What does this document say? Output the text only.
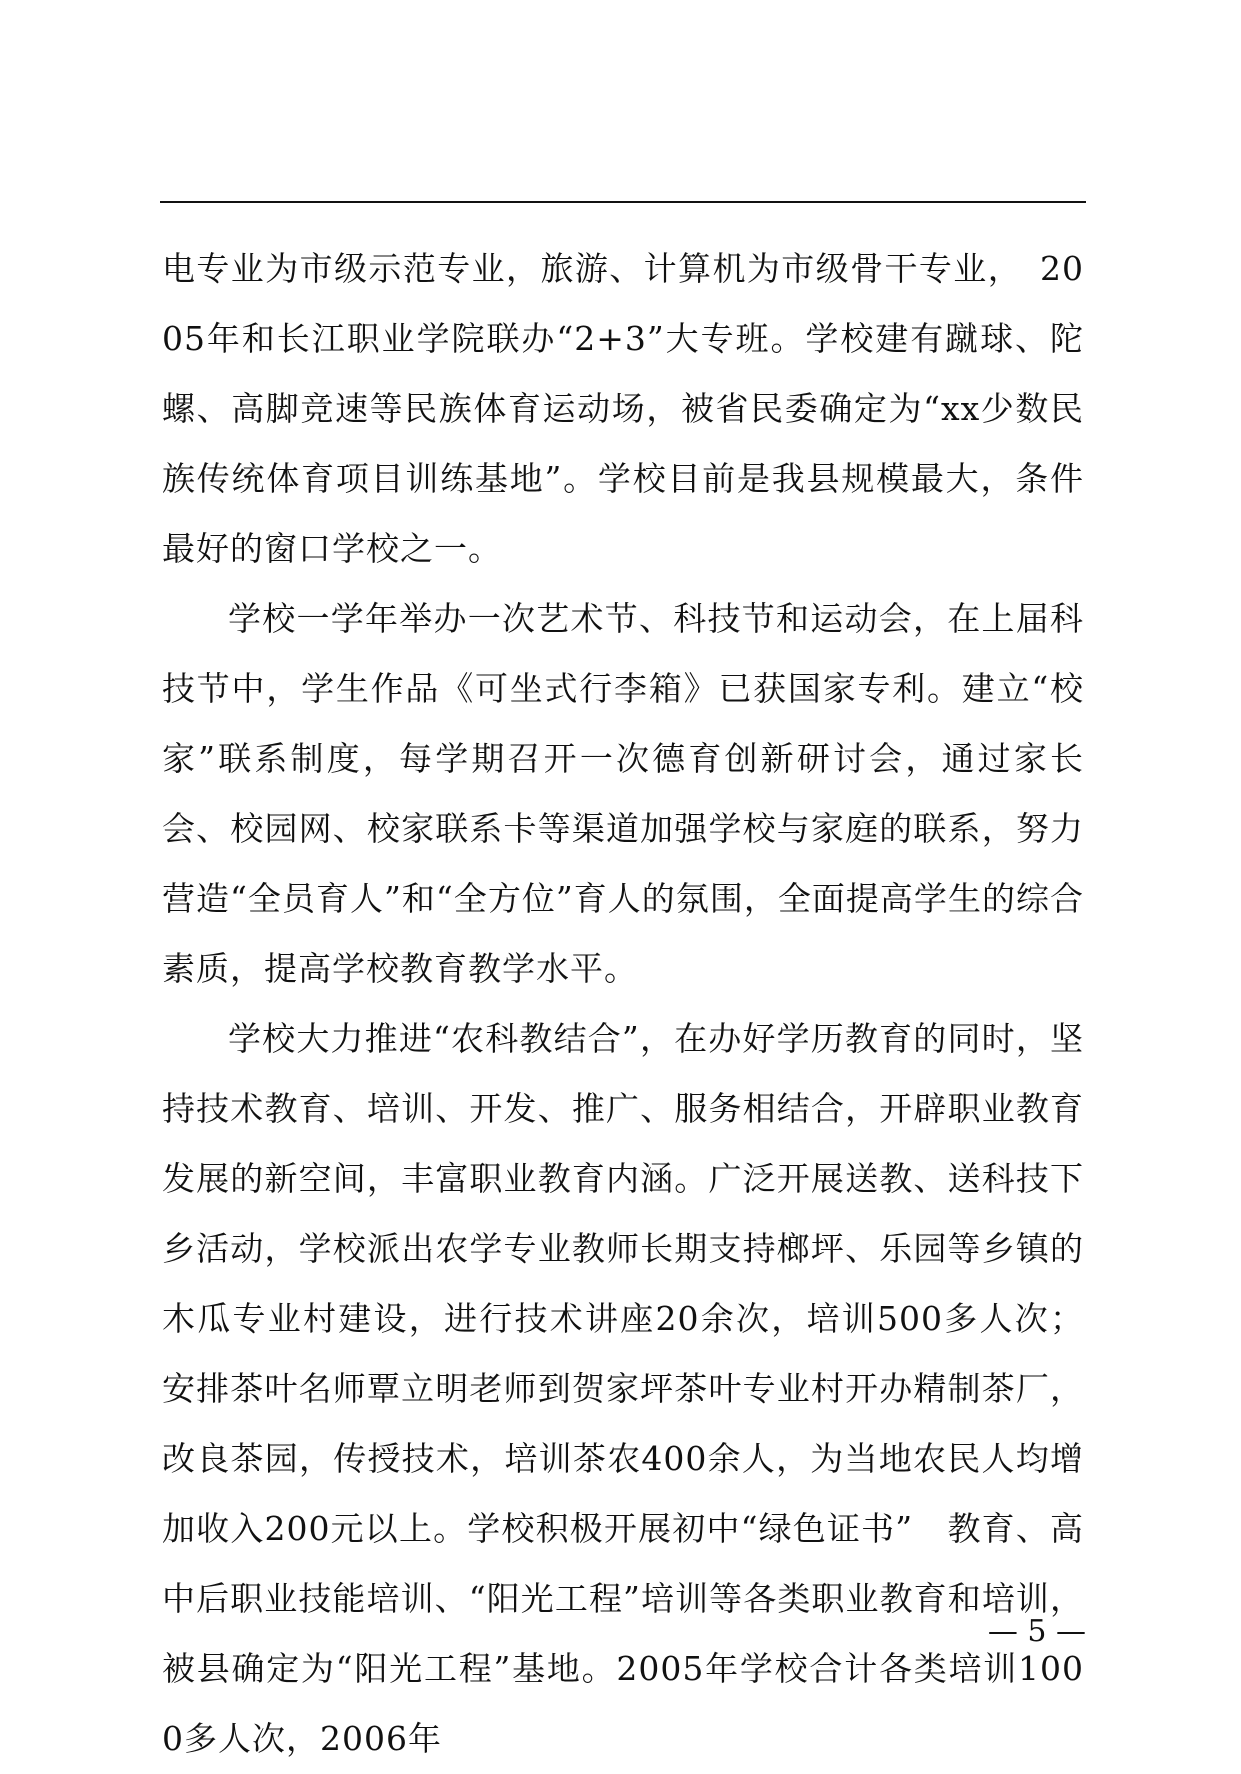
电专业为市级示范专业，旅游、计算机为市级骨干专业，　2005年和长江职业学院联办“2+3”大专班。学校建有蹴球、陀螺、高脚竞速等民族体育运动场，被省民委确定为“xx少数民族传统体育项目训练基地”。学校目前是我县规模最大，条件最好的窗口学校之一。

学校一学年举办一次艺术节、科技节和运动会，在上届科技节中，学生作品《可坐式行李箱》已获国家专利。建立“校家”联系制度，每学期召开一次德育创新研讨会，通过家长会、校园网、校家联系卡等渠道加强学校与家庭的联系，努力营造“全员育人”和“全方位”育人的氛围，全面提高学生的综合素质，提高学校教育教学水平。

学校大力推进“农科教结合”，在办好学历教育的同时，坚持技术教育、培训、开发、推广、服务相结合，开辟职业教育发展的新空间，丰富职业教育内涵。广泛开展送教、送科技下乡活动，学校派出农学专业教师长期支持榔坪、乐园等乡镇的木瓜专业村建设，进行技术讲座20余次，培训500多人次；安排茶叶名师覃立明老师到贺家坪茶叶专业村开办精制茶厂，改良茶园，传授技术，培训茶农400余人，为当地农民人均增加收入200元以上。学校积极开展初中“绿色证书”　教育、高中后职业技能培训、“阳光工程”培训等各类职业教育和培训，被县确定为“阳光工程”基地。2005年学校合计各类培训1000多人次，2006年

— 5 —
